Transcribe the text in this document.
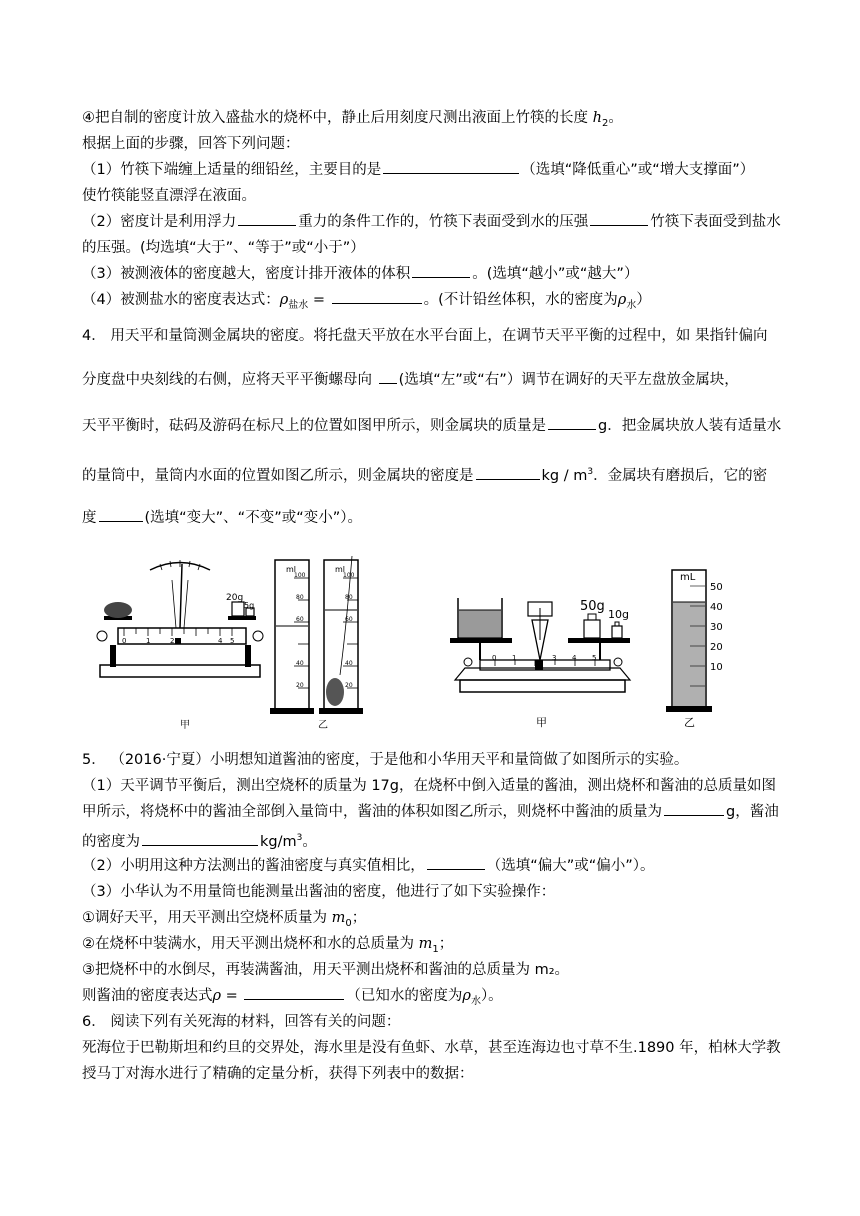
④把自制的密度计放入盛盐水的烧杯中，静止后用刻度尺测出液面上竹筷的长度 $h_2$。
根据上面的步骤，回答下列问题：
（1）竹筷下端缠上适量的细铅丝，主要目的是	（选填“降低重心”或“增大支撑面”）
使竹筷能竖直漂浮在液面。
（2）密度计是利用浮力	重力的条件工作的，竹筷下表面受到水的压强	竹筷下表面受到盐水
的压强。(均选填“大于”、“等于”或“小于”）
（3）被测液体的密度越大，密度计排开液体的体积	。(选填“越小”或“越大”）
（4）被测盐水的密度表达式：$\rho_{盐水}$ =	。(不计铅丝体积，水的密度为$\rho_水$）
4． 用天平和量筒测金属块的密度。将托盘天平放在水平台面上，在调节天平平衡的过程中，如 果指针偏向
分度盘中央刻线的右侧，应将天平平衡螺母向 (选填“左”或“右”）调节在调好的天平左盘放金属块，
天平平衡时，砝码及游码在标尺上的位置如图甲所示，则金属块的质量是	g．把金属块放人装有适量水
的量筒中，量筒内水面的位置如图乙所示，则金属块的密度是	kg / $m^3$．金属块有磨损后，它的密
度	(选填“变大”、“不变”或“变小”）。
0	1	2	4 5
20g
5g
ml
100
80
60
40
20
ml
100
80
60
40
20
甲	乙
0 1	3 4 5
50g
10g
mL
50
40
30
20
10
甲	乙
5． （2016·宁夏）小明想知道酱油的密度，于是他和小华用天平和量筒做了如图所示的实验。
（1）天平调节平衡后，测出空烧杯的质量为 17g，在烧杯中倒入适量的酱油，测出烧杯和酱油的总质量如图
甲所示，将烧杯中的酱油全部倒入量筒中，酱油的体积如图乙所示，则烧杯中酱油的质量为	g，酱油
的密度为	$kg/m^3$。
（2）小明用这种方法测出的酱油密度与真实值相比，	（选填“偏大”或“偏小”）。
（3）小华认为不用量筒也能测量出酱油的密度，他进行了如下实验操作：
①调好天平，用天平测出空烧杯质量为 $m_0$；
②在烧杯中装满水，用天平测出烧杯和水的总质量为 $m_1$；
③把烧杯中的水倒尽，再装满酱油，用天平测出烧杯和酱油的总质量为 m₂。
则酱油的密度表达式ρ =	（已知水的密度为$\rho_水$）。
6． 阅读下列有关死海的材料，回答有关的问题：
死海位于巴勒斯坦和约旦的交界处，海水里是没有鱼虾、水草，甚至连海边也寸草不生.1890 年，柏林大学教
授马丁对海水进行了精确的定量分析，获得下列表中的数据：
